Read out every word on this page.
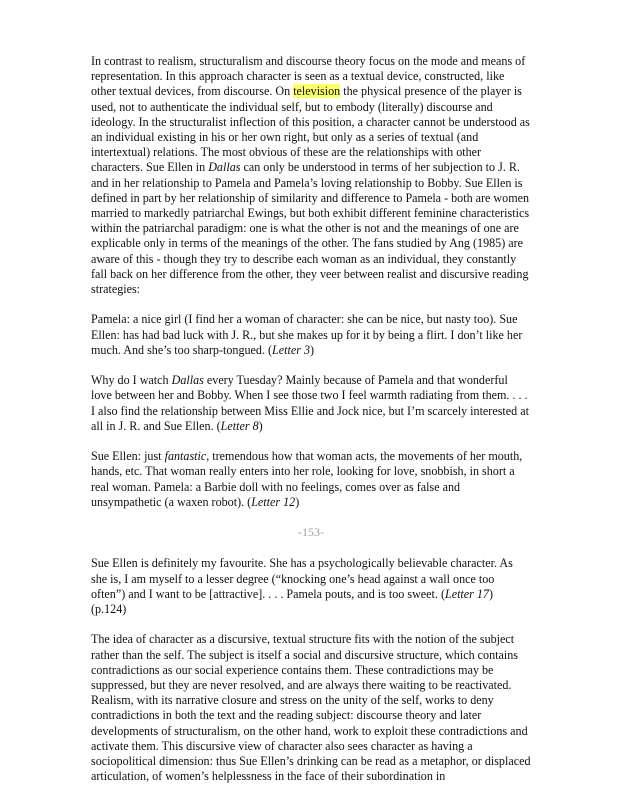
In contrast to realism, structuralism and discourse theory focus on the mode and means of representation. In this approach character is seen as a textual device, constructed, like other textual devices, from discourse. On television the physical presence of the player is used, not to authenticate the individual self, but to embody (literally) discourse and ideology. In the structuralist inflection of this position, a character cannot be understood as an individual existing in his or her own right, but only as a series of textual (and intertextual) relations. The most obvious of these are the relationships with other characters. Sue Ellen in Dallas can only be understood in terms of her subjection to J. R. and in her relationship to Pamela and Pamela’s loving relationship to Bobby. Sue Ellen is defined in part by her relationship of similarity and difference to Pamela - both are women married to markedly patriarchal Ewings, but both exhibit different feminine characteristics within the patriarchal paradigm: one is what the other is not and the meanings of one are explicable only in terms of the meanings of the other. The fans studied by Ang (1985) are aware of this - though they try to describe each woman as an individual, they constantly fall back on her difference from the other, they veer between realist and discursive reading strategies:

Pamela: a nice girl (I find her a woman of character: she can be nice, but nasty too). Sue Ellen: has had bad luck with J. R., but she makes up for it by being a flirt. I don’t like her much. And she’s too sharp-tongued. (Letter 3)

Why do I watch Dallas every Tuesday? Mainly because of Pamela and that wonderful love between her and Bobby. When I see those two I feel warmth radiating from them. . . . I also find the relationship between Miss Ellie and Jock nice, but I’m scarcely interested at all in J. R. and Sue Ellen. (Letter 8)

Sue Ellen: just fantastic, tremendous how that woman acts, the movements of her mouth, hands, etc. That woman really enters into her role, looking for love, snobbish, in short a real woman. Pamela: a Barbie doll with no feelings, comes over as false and unsympathetic (a waxen robot). (Letter 12)

-153-

Sue Ellen is definitely my favourite. She has a psychologically believable character. As she is, I am myself to a lesser degree (“knocking one’s head against a wall once too often”) and I want to be [attractive]. . . . Pamela pouts, and is too sweet. (Letter 17) (p.124)

The idea of character as a discursive, textual structure fits with the notion of the subject rather than the self. The subject is itself a social and discursive structure, which contains contradictions as our social experience contains them. These contradictions may be suppressed, but they are never resolved, and are always there waiting to be reactivated. Realism, with its narrative closure and stress on the unity of the self, works to deny contradictions in both the text and the reading subject: discourse theory and later developments of structuralism, on the other hand, work to exploit these contradictions and activate them. This discursive view of character also sees character as having a sociopolitical dimension: thus Sue Ellen’s drinking can be read as a metaphor, or displaced articulation, of women’s helplessness in the face of their subordination in
